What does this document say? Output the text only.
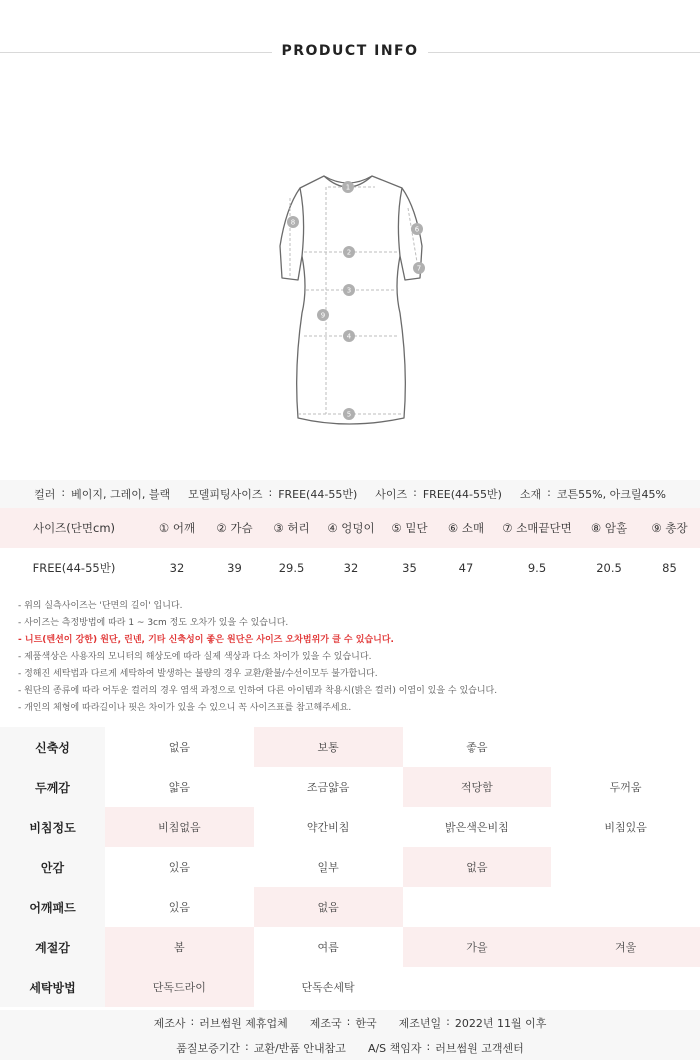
PRODUCT INFO
1
2
3
4
5
6
7
8
9
컬러 : 베이지, 그레이, 블랙 모델피팅사이즈 : FREE(44-55반) 사이즈 : FREE(44-55반) 소재 : 코튼55%, 아크릴45%
사이즈(단면cm)	① 어깨	② 가슴	③ 허리	④ 엉덩이	⑤ 밑단	⑥ 소매	⑦ 소매끝단면	⑧ 암홀	⑨ 총장
FREE(44-55반)	32	39	29.5	32	35	47	9.5	20.5	85
- 위의 실측사이즈는 '단면의 길이' 입니다.
- 사이즈는 측정방법에 따라 1 ~ 3cm 정도 오차가 있을 수 있습니다.
- 니트(텐션이 강한) 원단, 린넨, 기타 신축성이 좋은 원단은 사이즈 오차범위가 클 수 있습니다.
- 제품색상은 사용자의 모니터의 해상도에 따라 실제 색상과 다소 차이가 있을 수 있습니다.
- 정해진 세탁법과 다르게 세탁하여 발생하는 불량의 경우 교환/환불/수선이모두 불가합니다.
- 원단의 종류에 따라 어두운 컬러의 경우 염색 과정으로 인하여 다른 아이템과 착용시(밝은 컬러) 이염이 있을 수 있습니다.
- 개인의 체형에 따라길이나 핏은 차이가 있을 수 있으니 꼭 사이즈표를 참고해주세요.
신축성	없음	보통	좋음
두께감	얇음	조금얇음	적당함	두꺼움
비침정도	비침없음	약간비침	밝은색은비침	비침있음
안감	있음	일부	없음
어깨패드	있음	없음
계절감	봄	여름	가을	겨울
세탁방법	단독드라이	단독손세탁
제조사 : 러브썸원 제휴업체 제조국 : 한국 제조년일 : 2022년 11월 이후
품질보증기간 : 교환/반품 안내참고 A/S 책임자 : 러브썸원 고객센터
